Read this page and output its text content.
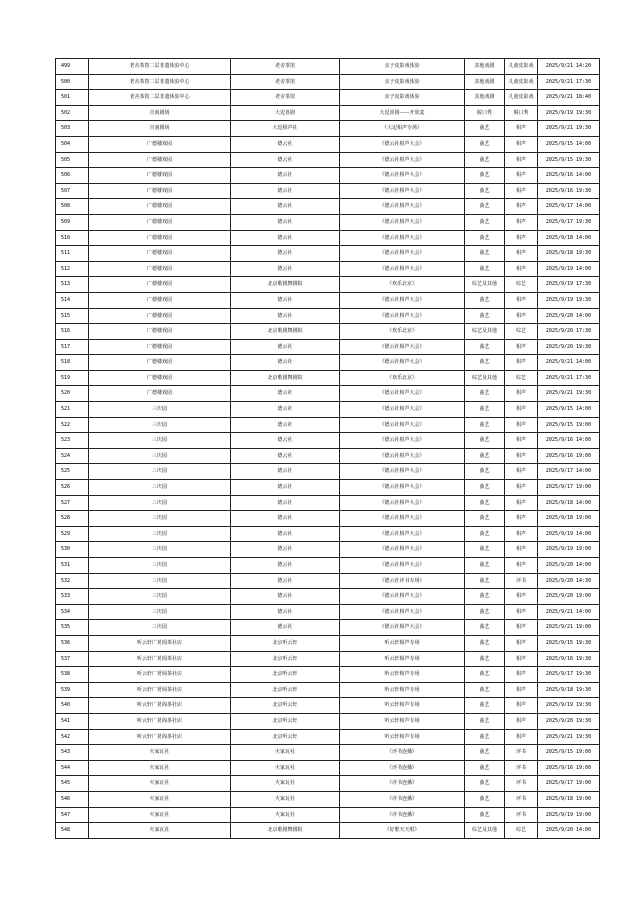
499	老舍茶馆二层非遗体验中心	老舍茶馆	亲子皮影戏体验	其他戏剧	儿童皮影戏	2025/9/21 14:20
500	老舍茶馆二层非遗体验中心	老舍茶馆	亲子皮影戏体验	其他戏剧	儿童皮影戏	2025/9/21 17:30
501	老舍茶馆二层非遗体验中心	老舍茶馆	亲子皮影戏体验	其他戏剧	儿童皮影戏	2025/9/21 18:40
502	宣南剧场	大逗喜剧	大逗喜剧——开放麦	脱口秀	脱口秀	2025/9/19 19:30
503	宣南剧场	大逗相声社	《大逗相声专场》	曲艺	相声	2025/9/21 19:30
504	广德楼戏园	德云社	《德云社相声大会》	曲艺	相声	2025/9/15 14:00
505	广德楼戏园	德云社	《德云社相声大会》	曲艺	相声	2025/9/15 19:30
506	广德楼戏园	德云社	《德云社相声大会》	曲艺	相声	2025/9/16 14:00
507	广德楼戏园	德云社	《德云社相声大会》	曲艺	相声	2025/9/16 19:30
508	广德楼戏园	德云社	《德云社相声大会》	曲艺	相声	2025/9/17 14:00
509	广德楼戏园	德云社	《德云社相声大会》	曲艺	相声	2025/9/17 19:30
510	广德楼戏园	德云社	《德云社相声大会》	曲艺	相声	2025/9/18 14:00
511	广德楼戏园	德云社	《德云社相声大会》	曲艺	相声	2025/9/18 19:30
512	广德楼戏园	德云社	《德云社相声大会》	曲艺	相声	2025/9/19 14:00
513	广德楼戏园	北京歌剧舞剧院	《欢乐北京》	综艺及其他	综艺	2025/9/19 17:30
514	广德楼戏园	德云社	《德云社相声大会》	曲艺	相声	2025/9/19 19:30
515	广德楼戏园	德云社	《德云社相声大会》	曲艺	相声	2025/9/20 14:00
516	广德楼戏园	北京歌剧舞剧院	《欢乐北京》	综艺及其他	综艺	2025/9/20 17:30
517	广德楼戏园	德云社	《德云社相声大会》	曲艺	相声	2025/9/20 19:30
518	广德楼戏园	德云社	《德云社相声大会》	曲艺	相声	2025/9/21 14:00
519	广德楼戏园	北京歌剧舞剧院	《欢乐北京》	综艺及其他	综艺	2025/9/21 17:30
520	广德楼戏园	德云社	《德云社相声大会》	曲艺	相声	2025/9/21 19:30
521	三庆园	德云社	《德云社相声大会》	曲艺	相声	2025/9/15 14:00
522	三庆园	德云社	《德云社相声大会》	曲艺	相声	2025/9/15 19:00
523	三庆园	德云社	《德云社相声大会》	曲艺	相声	2025/9/16 14:00
524	三庆园	德云社	《德云社相声大会》	曲艺	相声	2025/9/16 19:00
525	三庆园	德云社	《德云社相声大会》	曲艺	相声	2025/9/17 14:00
526	三庆园	德云社	《德云社相声大会》	曲艺	相声	2025/9/17 19:00
527	三庆园	德云社	《德云社相声大会》	曲艺	相声	2025/9/18 14:00
528	三庆园	德云社	《德云社相声大会》	曲艺	相声	2025/9/18 19:00
529	三庆园	德云社	《德云社相声大会》	曲艺	相声	2025/9/19 14:00
530	三庆园	德云社	《德云社相声大会》	曲艺	相声	2025/9/19 19:00
531	三庆园	德云社	《德云社相声大会》	曲艺	相声	2025/9/20 14:00
532	三庆园	德云社	《德云社评书专场》	曲艺	评书	2025/9/20 14:30
533	三庆园	德云社	《德云社相声大会》	曲艺	相声	2025/9/20 19:00
534	三庆园	德云社	《德云社相声大会》	曲艺	相声	2025/9/21 14:00
535	三庆园	德云社	《德云社相声大会》	曲艺	相声	2025/9/21 19:00
536	听云轩广茗阁茶社店	北京听云轩	听云轩相声专场	曲艺	相声	2025/9/15 19:30
537	听云轩广茗阁茶社店	北京听云轩	听云轩相声专场	曲艺	相声	2025/9/16 19:30
538	听云轩广茗阁茶社店	北京听云轩	听云轩相声专场	曲艺	相声	2025/9/17 19:30
539	听云轩广茗阁茶社店	北京听云轩	听云轩相声专场	曲艺	相声	2025/9/18 19:30
540	听云轩广茗阁茶社店	北京听云轩	听云轩相声专场	曲艺	相声	2025/9/19 19:30
541	听云轩广茗阁茶社店	北京听云轩	听云轩相声专场	曲艺	相声	2025/9/20 19:30
542	听云轩广茗阁茶社店	北京听云轩	听云轩相声专场	曲艺	相声	2025/9/21 19:30
543	火家瓦社	火家瓦社	《评书连播》	曲艺	评书	2025/9/15 19:00
544	火家瓦社	火家瓦社	《评书连播》	曲艺	评书	2025/9/16 19:00
545	火家瓦社	火家瓦社	《评书连播》	曲艺	评书	2025/9/17 19:00
546	火家瓦社	火家瓦社	《评书连播》	曲艺	评书	2025/9/18 19:00
547	火家瓦社	火家瓦社	《评书连播》	曲艺	评书	2025/9/19 19:00
548	火家瓦社	北京歌剧舞剧院	《好歌天天唱》	综艺及其他	综艺	2025/9/20 14:00
